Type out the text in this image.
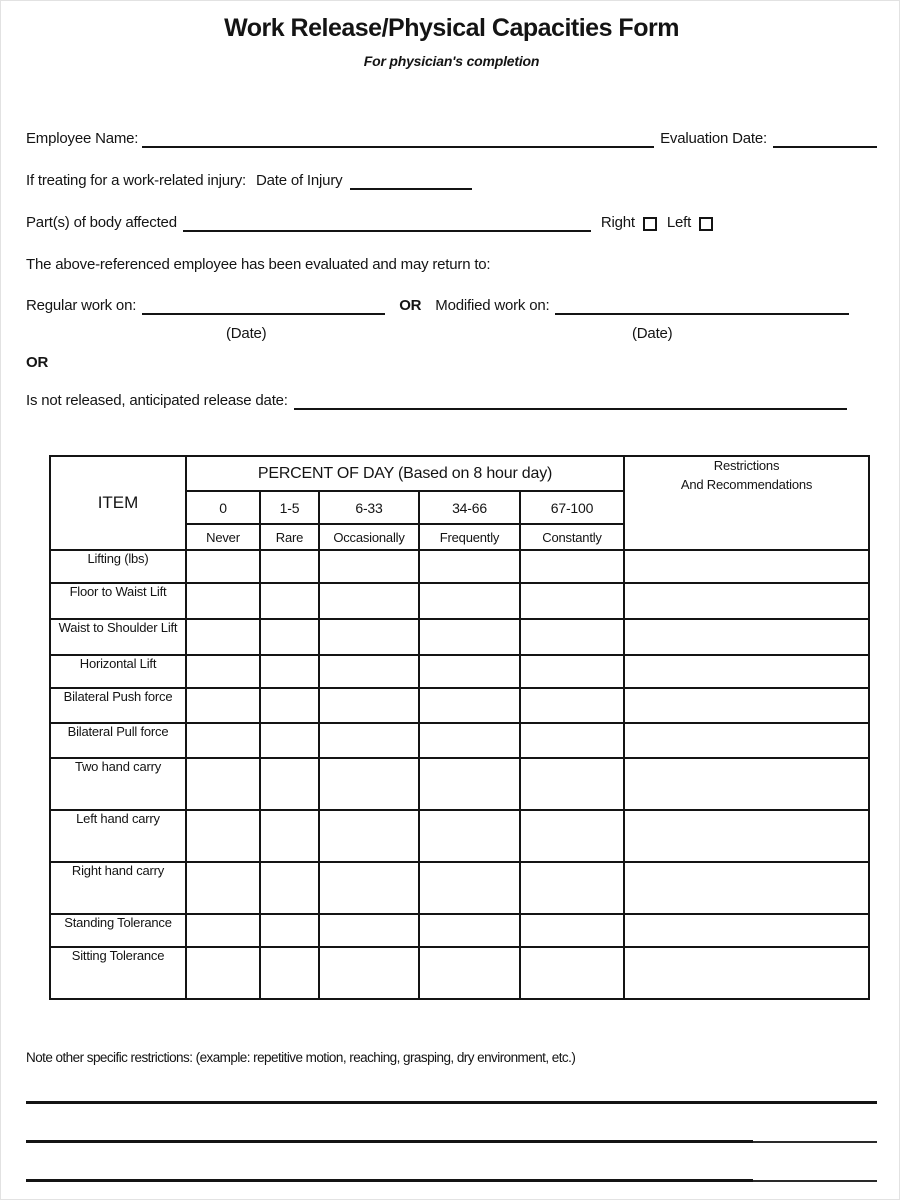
Work Release/Physical Capacities Form
For physician's completion
Employee Name:	Evaluation Date:
If treating for a work-related injury: Date of Injury
Part(s) of body affected	Right Left
The above-referenced employee has been evaluated and may return to:
Regular work on:	OR Modified work on:
(Date)	(Date)
OR
Is not released, anticipated release date:
ITEM	PERCENT OF DAY (Based on 8 hour day)					Restrictions
And Recommendations

	0	1-5	6-33	34-66	67-100	
	Never	Rare	Occasionally	Frequently	Constantly	
Lifting (lbs)						
Floor to Waist Lift						
Waist to Shoulder Lift						
Horizontal Lift						
Bilateral Push force						
Bilateral Pull force						
Two hand carry						
Left hand carry						
Right hand carry						
Standing Tolerance						
Sitting Tolerance						
Note other specific restrictions: (example: repetitive motion, reaching, grasping, dry environment, etc.)
